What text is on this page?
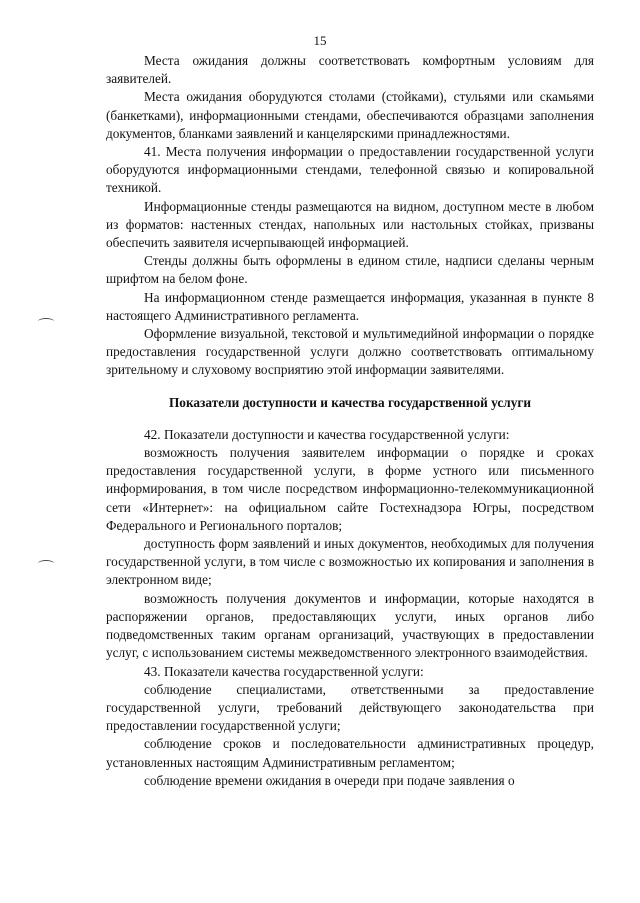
15

Места ожидания должны соответствовать комфортным условиям для заявителей.

Места ожидания оборудуются столами (стойками), стульями или скамьями (банкетками), информационными стендами, обеспечиваются образцами заполнения документов, бланками заявлений и канцелярскими принадлежностями.

41. Места получения информации о предоставлении государственной услуги оборудуются информационными стендами, телефонной связью и копировальной техникой.

Информационные стенды размещаются на видном, доступном месте в любом из форматов: настенных стендах, напольных или настольных стойках, призваны обеспечить заявителя исчерпывающей информацией.

Стенды должны быть оформлены в едином стиле, надписи сделаны черным шрифтом на белом фоне.

На информационном стенде размещается информация, указанная в пункте 8 настоящего Административного регламента.

Оформление визуальной, текстовой и мультимедийной информации о порядке предоставления государственной услуги должно соответствовать оптимальному зрительному и слуховому восприятию этой информации заявителями.

Показатели доступности и качества государственной услуги

42. Показатели доступности и качества государственной услуги:

возможность получения заявителем информации о порядке и сроках предоставления государственной услуги, в форме устного или письменного информирования, в том числе посредством информационно-телекоммуникационной сети «Интернет»: на официальном сайте Гостехнадзора Югры, посредством Федерального и Регионального порталов;

доступность форм заявлений и иных документов, необходимых для получения государственной услуги, в том числе с возможностью их копирования и заполнения в электронном виде;

возможность получения документов и информации, которые находятся в распоряжении органов, предоставляющих услуги, иных органов либо подведомственных таким органам организаций, участвующих в предоставлении услуг, с использованием системы межведомственного электронного взаимодействия.

43. Показатели качества государственной услуги:

соблюдение специалистами, ответственными за предоставление государственной услуги, требований действующего законодательства при предоставлении государственной услуги;

соблюдение сроков и последовательности административных процедур, установленных настоящим Административным регламентом;

соблюдение времени ожидания в очереди при подаче заявления о
